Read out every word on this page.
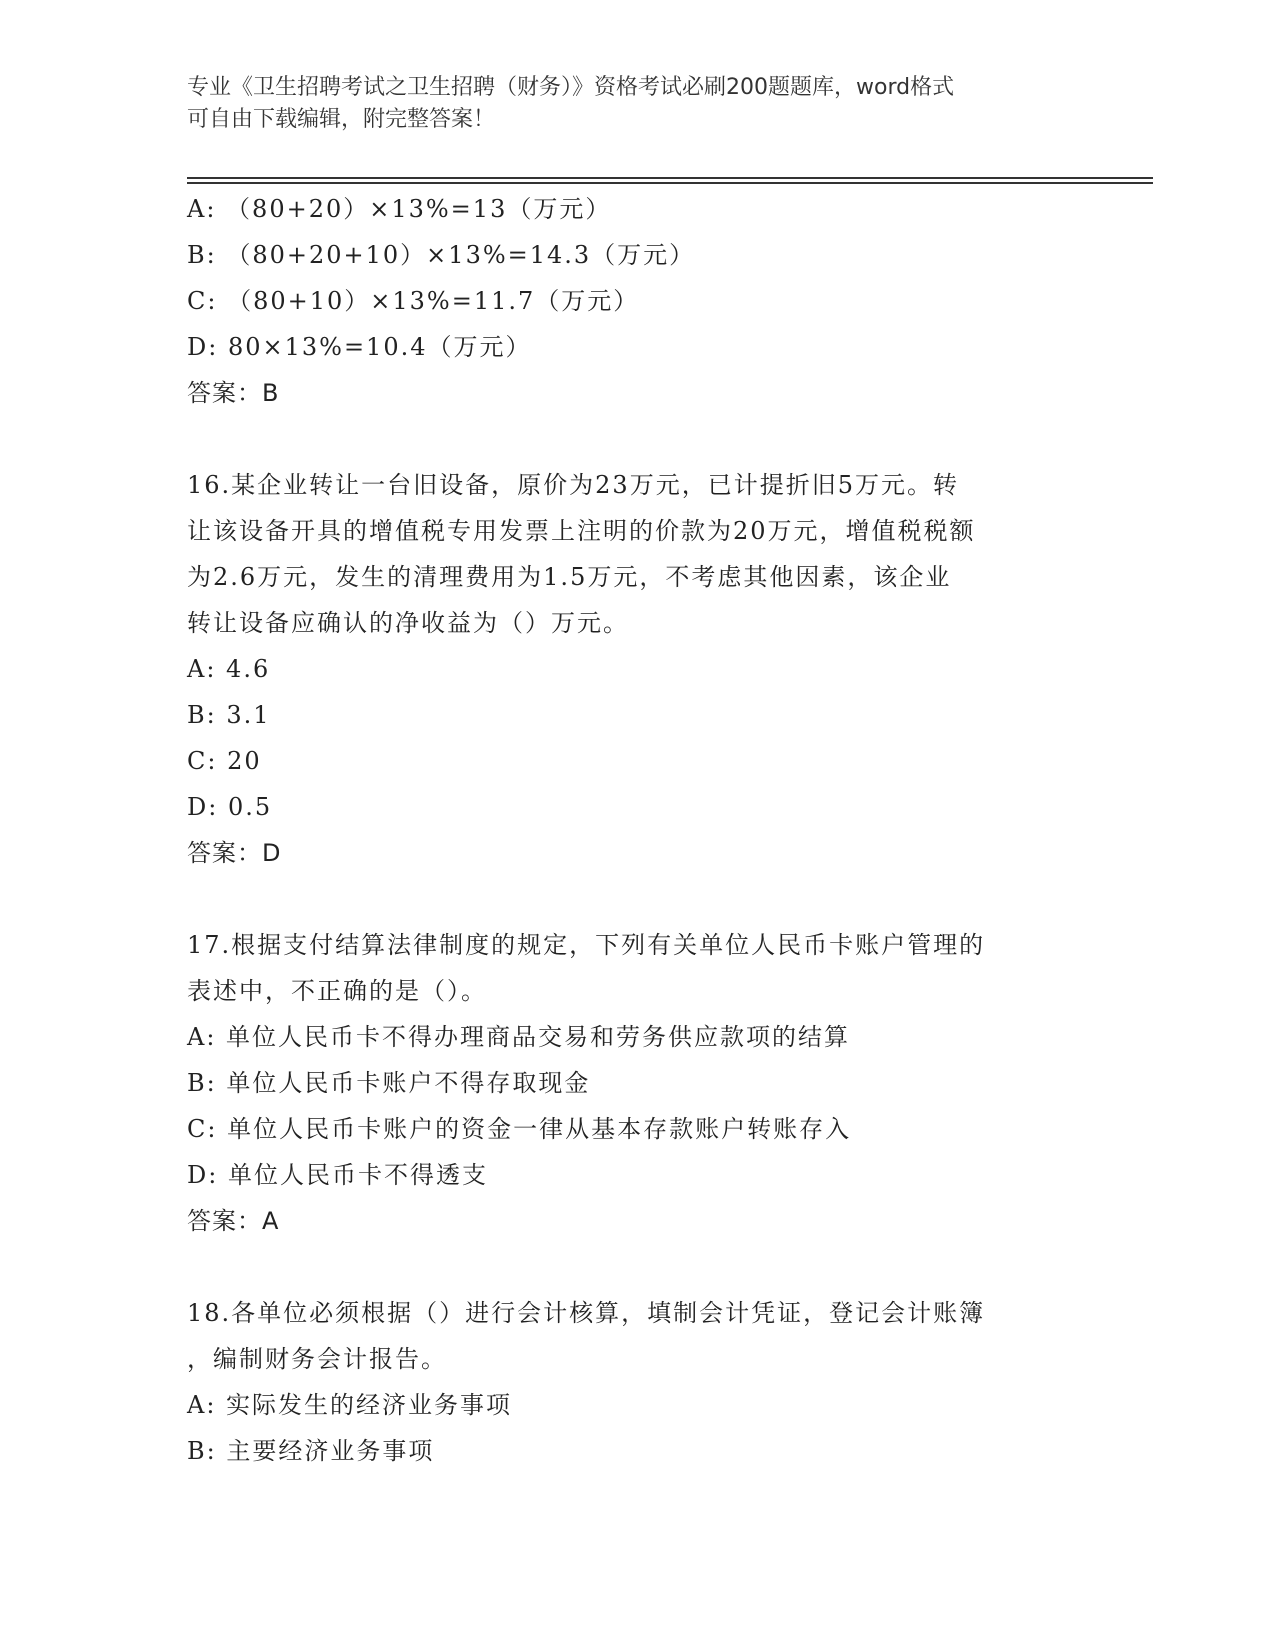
专业《卫生招聘考试之卫生招聘（财务）》资格考试必刷200题题库，word格式
可自由下载编辑，附完整答案！
A: （80+20）×13%=13（万元）
B: （80+20+10）×13%=14.3（万元）
C: （80+10）×13%=11.7（万元）
D: 80×13%=10.4（万元）
答案：B
16.某企业转让一台旧设备，原价为23万元，已计提折旧5万元。转
让该设备开具的增值税专用发票上注明的价款为20万元，增值税税额
为2.6万元，发生的清理费用为1.5万元，不考虑其他因素，该企业
转让设备应确认的净收益为（）万元。
A: 4.6
B: 3.1
C: 20
D: 0.5
答案：D
17.根据支付结算法律制度的规定，下列有关单位人民币卡账户管理的
表述中，不正确的是（）。
A: 单位人民币卡不得办理商品交易和劳务供应款项的结算
B: 单位人民币卡账户不得存取现金
C: 单位人民币卡账户的资金一律从基本存款账户转账存入
D: 单位人民币卡不得透支
答案：A
18.各单位必须根据（）进行会计核算，填制会计凭证，登记会计账簿
，编制财务会计报告。
A: 实际发生的经济业务事项
B: 主要经济业务事项
